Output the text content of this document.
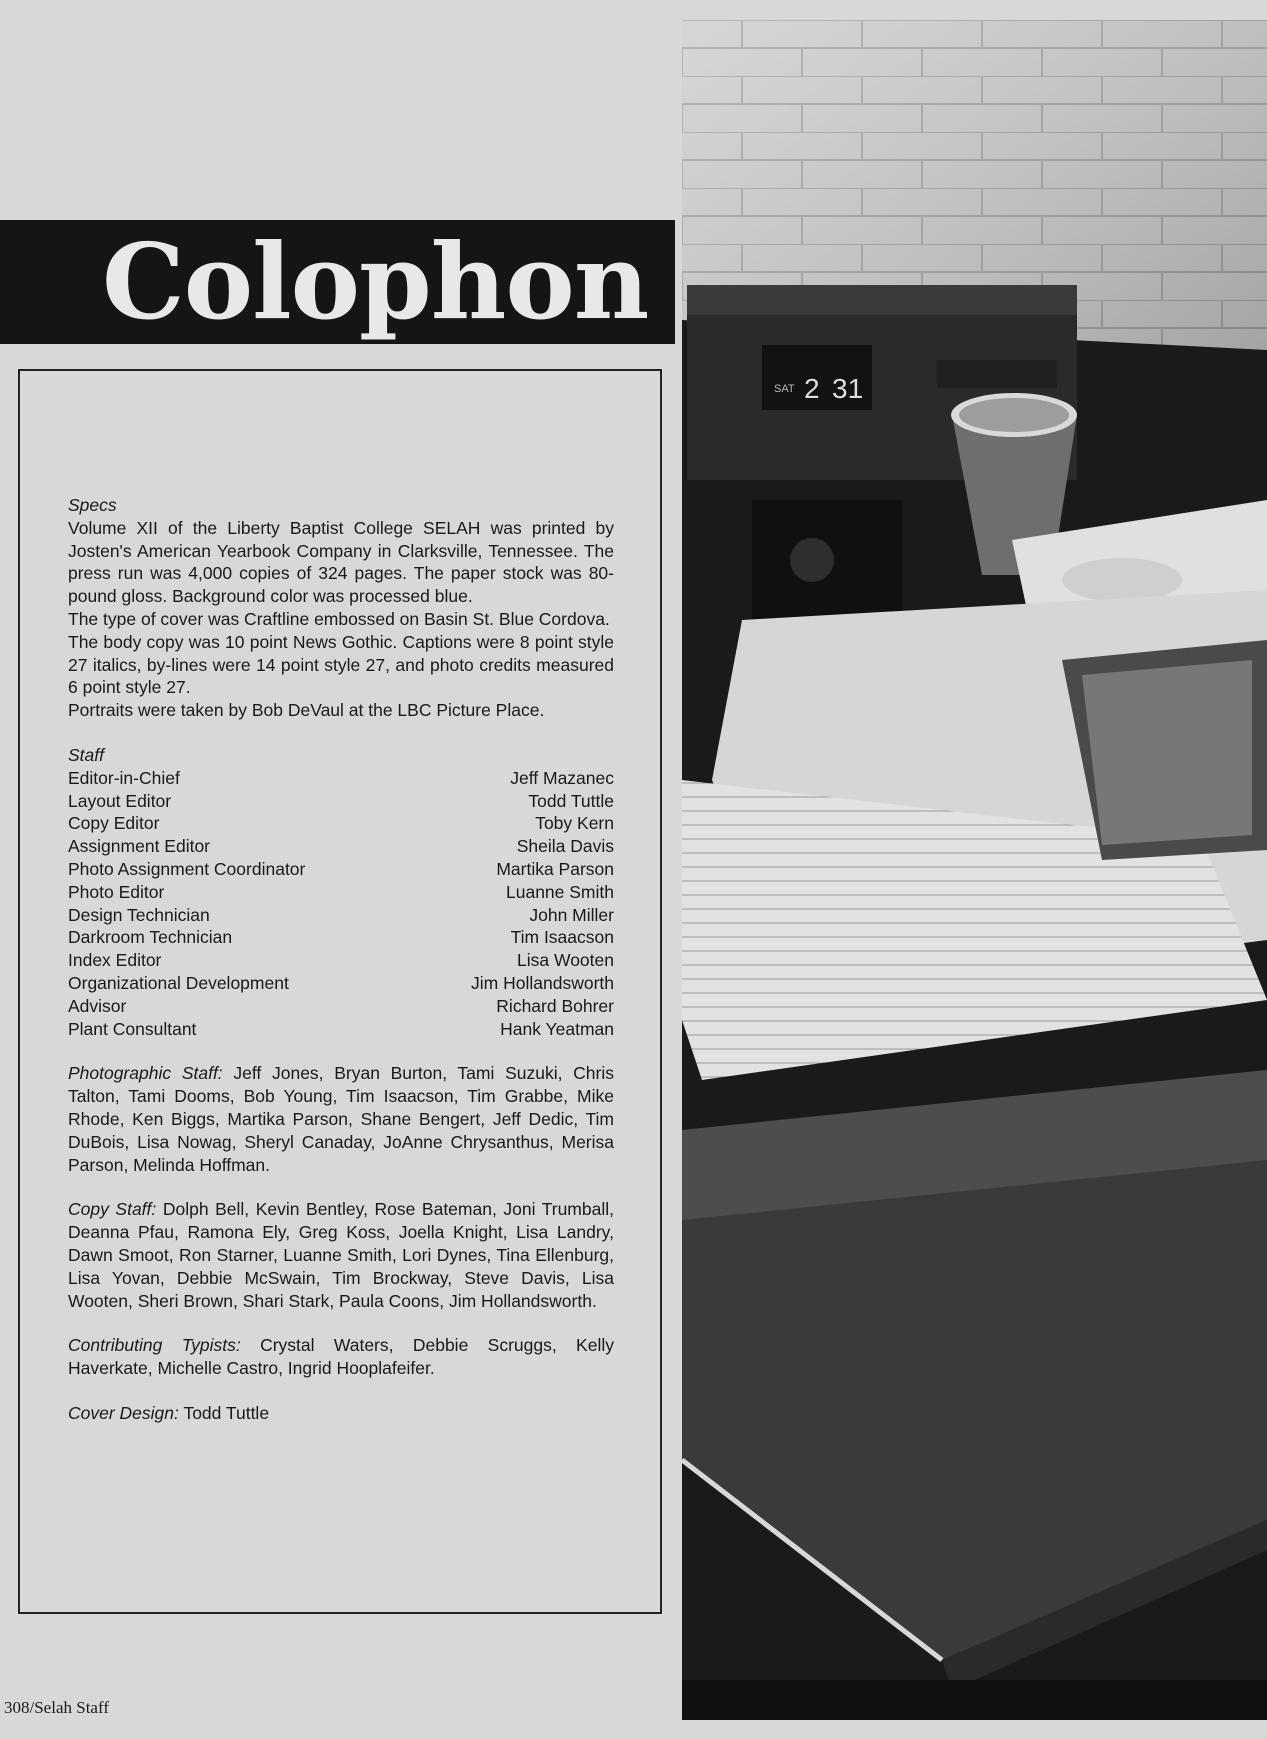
Colophon
Specs
Volume XII of the Liberty Baptist College SELAH was printed by Josten's American Yearbook Company in Clarksville, Tennessee. The press run was 4,000 copies of 324 pages. The paper stock was 80-pound gloss. Background color was processed blue.
The type of cover was Craftline embossed on Basin St. Blue Cordova.
The body copy was 10 point News Gothic. Captions were 8 point style 27 italics, by-lines were 14 point style 27, and photo credits measured 6 point style 27.
Portraits were taken by Bob DeVaul at the LBC Picture Place.
Staff
Editor-in-Chief	Jeff Mazanec
Layout Editor	Todd Tuttle
Copy Editor	Toby Kern
Assignment Editor	Sheila Davis
Photo Assignment Coordinator	Martika Parson
Photo Editor	Luanne Smith
Design Technician	John Miller
Darkroom Technician	Tim Isaacson
Index Editor	Lisa Wooten
Organizational Development	Jim Hollandsworth
Advisor	Richard Bohrer
Plant Consultant	Hank Yeatman
Photographic Staff: Jeff Jones, Bryan Burton, Tami Suzuki, Chris Talton, Tami Dooms, Bob Young, Tim Isaacson, Tim Grabbe, Mike Rhode, Ken Biggs, Martika Parson, Shane Bengert, Jeff Dedic, Tim DuBois, Lisa Nowag, Sheryl Canaday, JoAnne Chrysanthus, Merisa Parson, Melinda Hoffman.
Copy Staff: Dolph Bell, Kevin Bentley, Rose Bateman, Joni Trumball, Deanna Pfau, Ramona Ely, Greg Koss, Joella Knight, Lisa Landry, Dawn Smoot, Ron Starner, Luanne Smith, Lori Dynes, Tina Ellenburg, Lisa Yovan, Debbie McSwain, Tim Brockway, Steve Davis, Lisa Wooten, Sheri Brown, Shari Stark, Paula Coons, Jim Hollandsworth.
Contributing Typists: Crystal Waters, Debbie Scruggs, Kelly Haverkate, Michelle Castro, Ingrid Hooplafeifer.
Cover Design: Todd Tuttle
308/Selah Staff
SAT 2 31
